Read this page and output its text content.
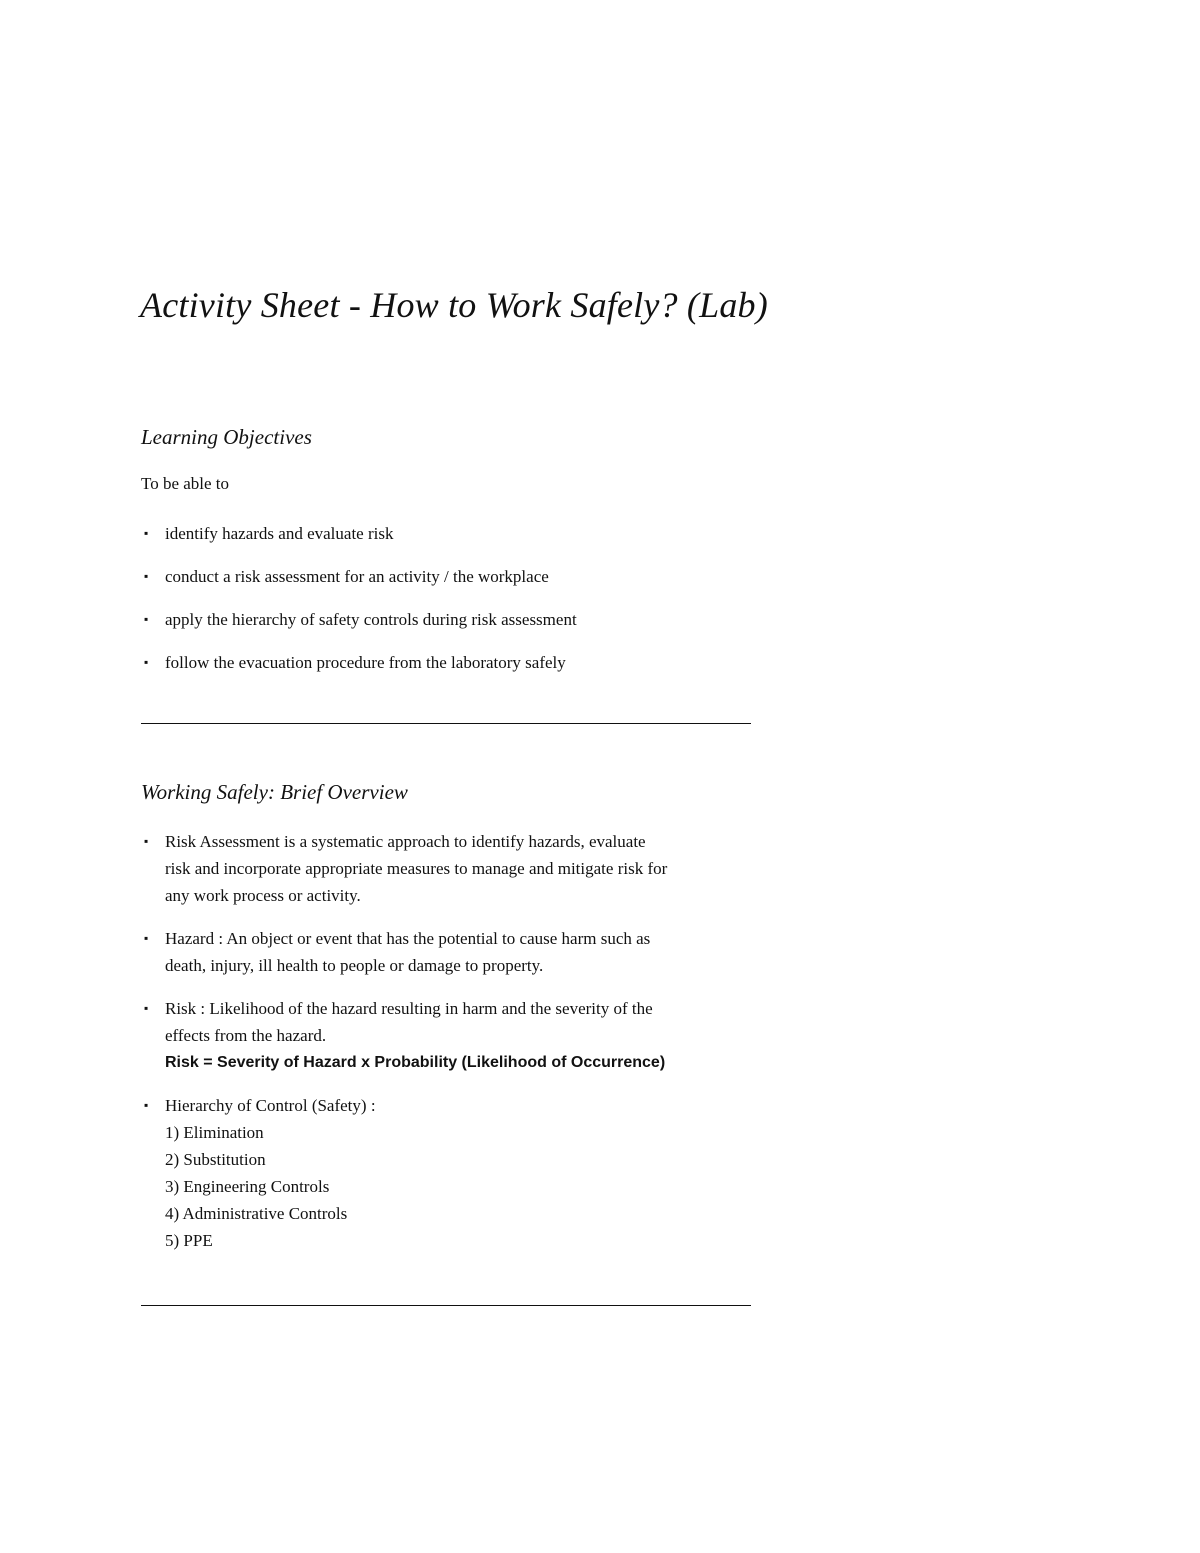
Activity Sheet - How to Work Safely? (Lab)
Learning Objectives

To be able to

▪ identify hazards and evaluate risk
▪ conduct a risk assessment for an activity / the workplace
▪ apply the hierarchy of safety controls during risk assessment
▪ follow the evacuation procedure from the laboratory safely
Working Safely: Brief Overview
▪ Risk Assessment is a systematic approach to identify hazards, evaluate
risk and incorporate appropriate measures to manage and mitigate risk for
any work process or activity.
▪ Hazard : An object or event that has the potential to cause harm such as
death, injury, ill health to people or damage to property.
▪ Risk : Likelihood of the hazard resulting in harm and the severity of the
effects from the hazard.
Risk = Severity of Hazard x Probability (Likelihood of Occurrence)
▪ Hierarchy of Control (Safety) :
1) Elimination
2) Substitution
3) Engineering Controls
4) Administrative Controls
5) PPE
